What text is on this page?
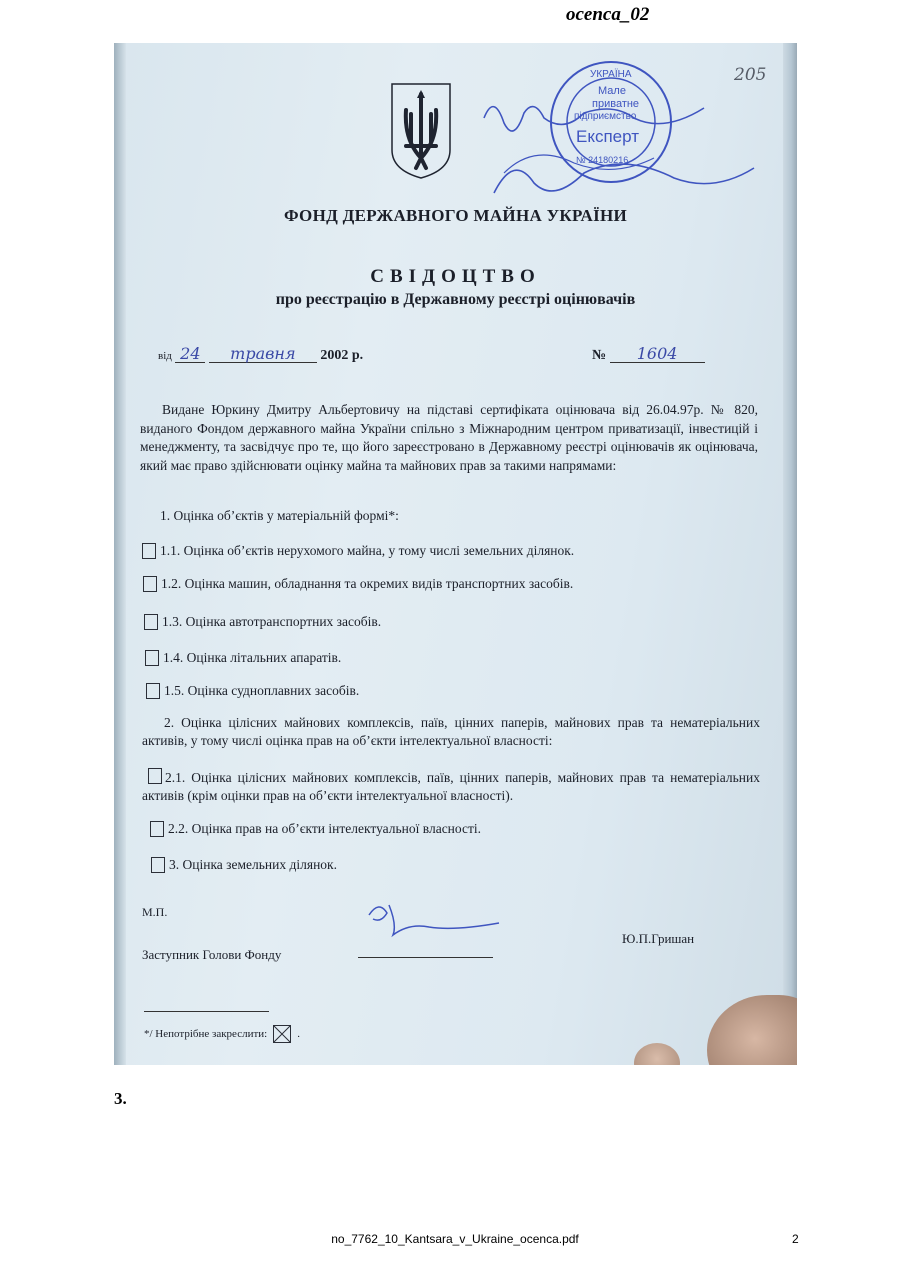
ocenca_02
УКРАЇНА
Мале
приватне
підприємство
Експерт
№ 24180216
205
ФОНД ДЕРЖАВНОГО МАЙНА УКРАЇНИ
СВІДОЦТВО
про реєстрацію в Державному реєстрі оцінювачів
від 24 травня 2002 р.	№ 1604
Видане Юркину Дмитру Альбертовичу на підставі сертифіката оцінювача від 26.04.97р. № 820, виданого Фондом державного майна України спільно з Міжнародним центром приватизації, інвестицій і менеджменту, та засвідчує про те, що його зареєстровано в Державному реєстрі оцінювачів як оцінювача, який має право здійснювати оцінку майна та майнових прав за такими напрямами:
1. Оцінка об’єктів у матеріальній формі*:
1.1. Оцінка об’єктів нерухомого майна, у тому числі земельних ділянок.
1.2. Оцінка машин, обладнання та окремих видів транспортних засобів.
1.3. Оцінка автотранспортних засобів.
1.4. Оцінка літальних апаратів.
1.5. Оцінка судноплавних засобів.
2. Оцінка цілісних майнових комплексів, паїв, цінних паперів, майнових прав та нематеріальних активів, у тому числі оцінка прав на об’єкти інтелектуальної власності:
2.1. Оцінка цілісних майнових комплексів, паїв, цінних паперів, майнових прав та нематеріальних активів (крім оцінки прав на об’єкти інтелектуальної власності).
2.2. Оцінка прав на об’єкти інтелектуальної власності.
3. Оцінка земельних ділянок.
М.П.
Заступник Голови Фонду
Ю.П.Гришан
*/ Непотрібне закреслити: ☒ .
3.
no_7762_10_Kantsara_v_Ukraine_ocenca.pdf	2
